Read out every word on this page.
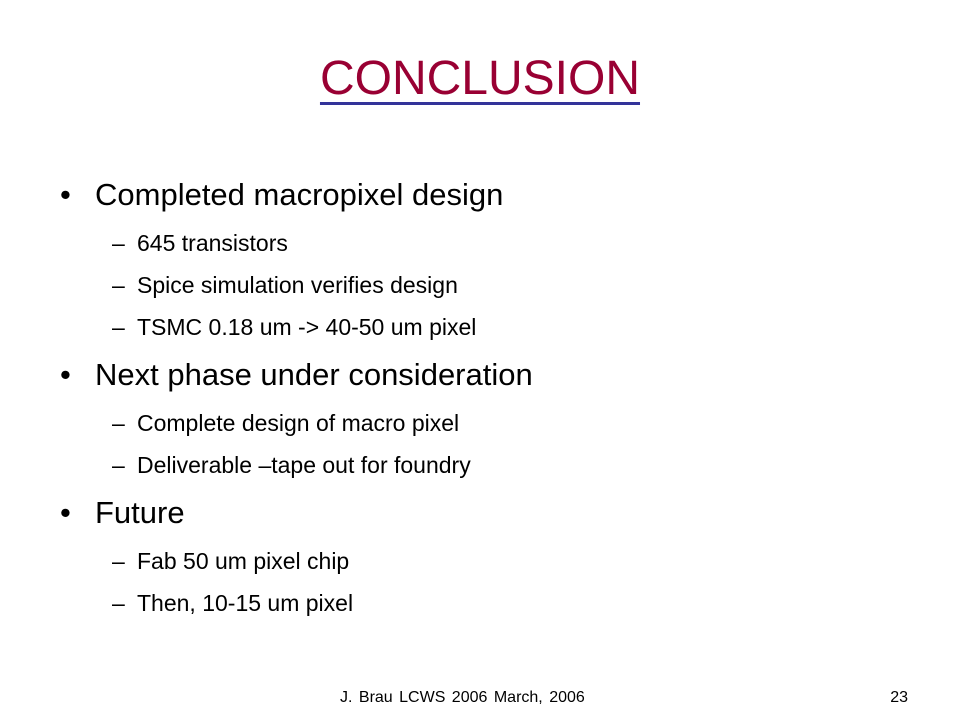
CONCLUSION
• Completed macropixel design
– 645 transistors
– Spice simulation verifies design
– TSMC 0.18 um -> 40-50 um pixel
• Next phase under consideration
– Complete design of macro pixel
– Deliverable –tape out for foundry
• Future
– Fab 50 um pixel chip
– Then, 10-15 um pixel
J. Brau LCWS 2006 March, 2006	23
